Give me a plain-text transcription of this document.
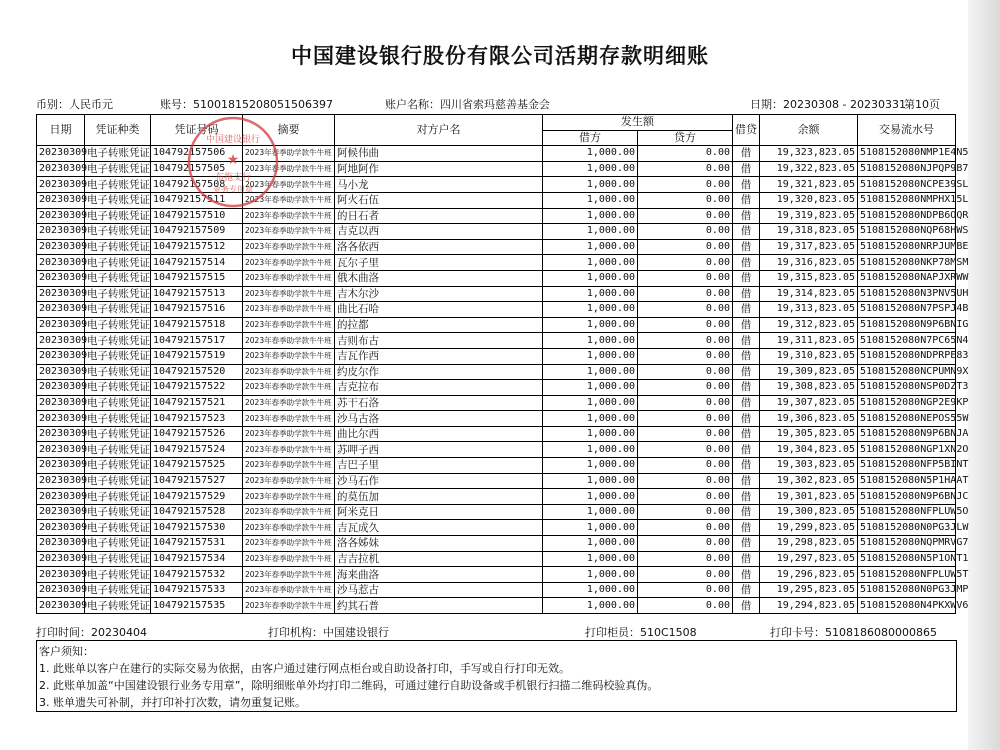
中国建设银行股份有限公司活期存款明细账
币别：人民币元	账号：51001815208051506397	账户名称：四川省索玛慈善基金会	日期：20230308 - 20230331
第10页
日期	凭证种类	凭证号码	摘要	对方户名	发生额		借贷	余额	交易流水号
					借方	贷方			
20230309	电子转账凭证	104792157506	2023年春季助学款牛牛班	阿候伟曲	1,000.00	0.00	借	19,323,823.05	5108152080NMP1E4N5
20230309	电子转账凭证	104792157505	2023年春季助学款牛牛班	阿地阿作	1,000.00	0.00	借	19,322,823.05	5108152080NJPQP9B7
20230309	电子转账凭证	104792157508	2023年春季助学款牛牛班	马小龙	1,000.00	0.00	借	19,321,823.05	5108152080NCPE39SL
20230309	电子转账凭证	104792157511	2023年春季助学款牛牛班	阿火石伍	1,000.00	0.00	借	19,320,823.05	5108152080NMPHX15L
20230309	电子转账凭证	104792157510	2023年春季助学款牛牛班	的日石者	1,000.00	0.00	借	19,319,823.05	5108152080NDPB6OQR
20230309	电子转账凭证	104792157509	2023年春季助学款牛牛班	吉克以西	1,000.00	0.00	借	19,318,823.05	5108152080NQP68HWS
20230309	电子转账凭证	104792157512	2023年春季助学款牛牛班	洛各依西	1,000.00	0.00	借	19,317,823.05	5108152080NRPJUMBE
20230309	电子转账凭证	104792157514	2023年春季助学款牛牛班	瓦尔子里	1,000.00	0.00	借	19,316,823.05	5108152080NKP78MSM
20230309	电子转账凭证	104792157515	2023年春季助学款牛牛班	俄木曲洛	1,000.00	0.00	借	19,315,823.05	5108152080NAPJXRWW
20230309	电子转账凭证	104792157513	2023年春季助学款牛牛班	吉木尔沙	1,000.00	0.00	借	19,314,823.05	5108152080N3PNV5UH
20230309	电子转账凭证	104792157516	2023年春季助学款牛牛班	曲比石哈	1,000.00	0.00	借	19,313,823.05	5108152080N7PSPJ4B
20230309	电子转账凭证	104792157518	2023年春季助学款牛牛班	的拉都	1,000.00	0.00	借	19,312,823.05	5108152080N9P6BNIG
20230309	电子转账凭证	104792157517	2023年春季助学款牛牛班	吉则布古	1,000.00	0.00	借	19,311,823.05	5108152080N7PC65N4
20230309	电子转账凭证	104792157519	2023年春季助学款牛牛班	吉瓦作西	1,000.00	0.00	借	19,310,823.05	5108152080NDPRPE83
20230309	电子转账凭证	104792157520	2023年春季助学款牛牛班	约皮尔作	1,000.00	0.00	借	19,309,823.05	5108152080NCPUMN9X
20230309	电子转账凭证	104792157522	2023年春季助学款牛牛班	吉克拉布	1,000.00	0.00	借	19,308,823.05	5108152080NSP0DZT3
20230309	电子转账凭证	104792157521	2023年春季助学款牛牛班	苏干石洛	1,000.00	0.00	借	19,307,823.05	5108152080NGP2E9KP
20230309	电子转账凭证	104792157523	2023年春季助学款牛牛班	沙马古洛	1,000.00	0.00	借	19,306,823.05	5108152080NEPOS55W
20230309	电子转账凭证	104792157526	2023年春季助学款牛牛班	曲比尔西	1,000.00	0.00	借	19,305,823.05	5108152080N9P6BNJA
20230309	电子转账凭证	104792157524	2023年春季助学款牛牛班	苏呷子西	1,000.00	0.00	借	19,304,823.05	5108152080NGP1XN2O
20230309	电子转账凭证	104792157525	2023年春季助学款牛牛班	吉巴子里	1,000.00	0.00	借	19,303,823.05	5108152080NFP5BINT
20230309	电子转账凭证	104792157527	2023年春季助学款牛牛班	沙马石作	1,000.00	0.00	借	19,302,823.05	5108152080N5P1HAAT
20230309	电子转账凭证	104792157529	2023年春季助学款牛牛班	的莫伍加	1,000.00	0.00	借	19,301,823.05	5108152080N9P6BNJC
20230309	电子转账凭证	104792157528	2023年春季助学款牛牛班	阿米克日	1,000.00	0.00	借	19,300,823.05	5108152080NFPLUW5O
20230309	电子转账凭证	104792157530	2023年春季助学款牛牛班	吉瓦成久	1,000.00	0.00	借	19,299,823.05	5108152080N0PG3JLW
20230309	电子转账凭证	104792157531	2023年春季助学款牛牛班	洛各姊妹	1,000.00	0.00	借	19,298,823.05	5108152080NQPMRVG7
20230309	电子转账凭证	104792157534	2023年春季助学款牛牛班	吉吉拉机	1,000.00	0.00	借	19,297,823.05	5108152080N5P1ONT1
20230309	电子转账凭证	104792157532	2023年春季助学款牛牛班	海来曲洛	1,000.00	0.00	借	19,296,823.05	5108152080NFPLUW5T
20230309	电子转账凭证	104792157533	2023年春季助学款牛牛班	沙马惹古	1,000.00	0.00	借	19,295,823.05	5108152080N0PG3JMP
20230309	电子转账凭证	104792157535	2023年春季助学款牛牛班	约其石普	1,000.00	0.00	借	19,294,823.05	5108152080N4PKXWV6
中国建设银行
★
布拖支行
业务专用章
打印时间：20230404	打印机构：中国建设银行	打印柜员：510C1508	打印卡号：5108186080000865
客户须知：
1. 此账单以客户在建行的实际交易为依据，由客户通过建行网点柜台或自助设备打印，手写或自行打印无效。
2. 此账单加盖“中国建设银行业务专用章”，除明细账单外均打印二维码，可通过建行自助设备或手机银行扫描二维码校验真伪。
3. 账单遗失可补制，并打印补打次数，请勿重复记账。
